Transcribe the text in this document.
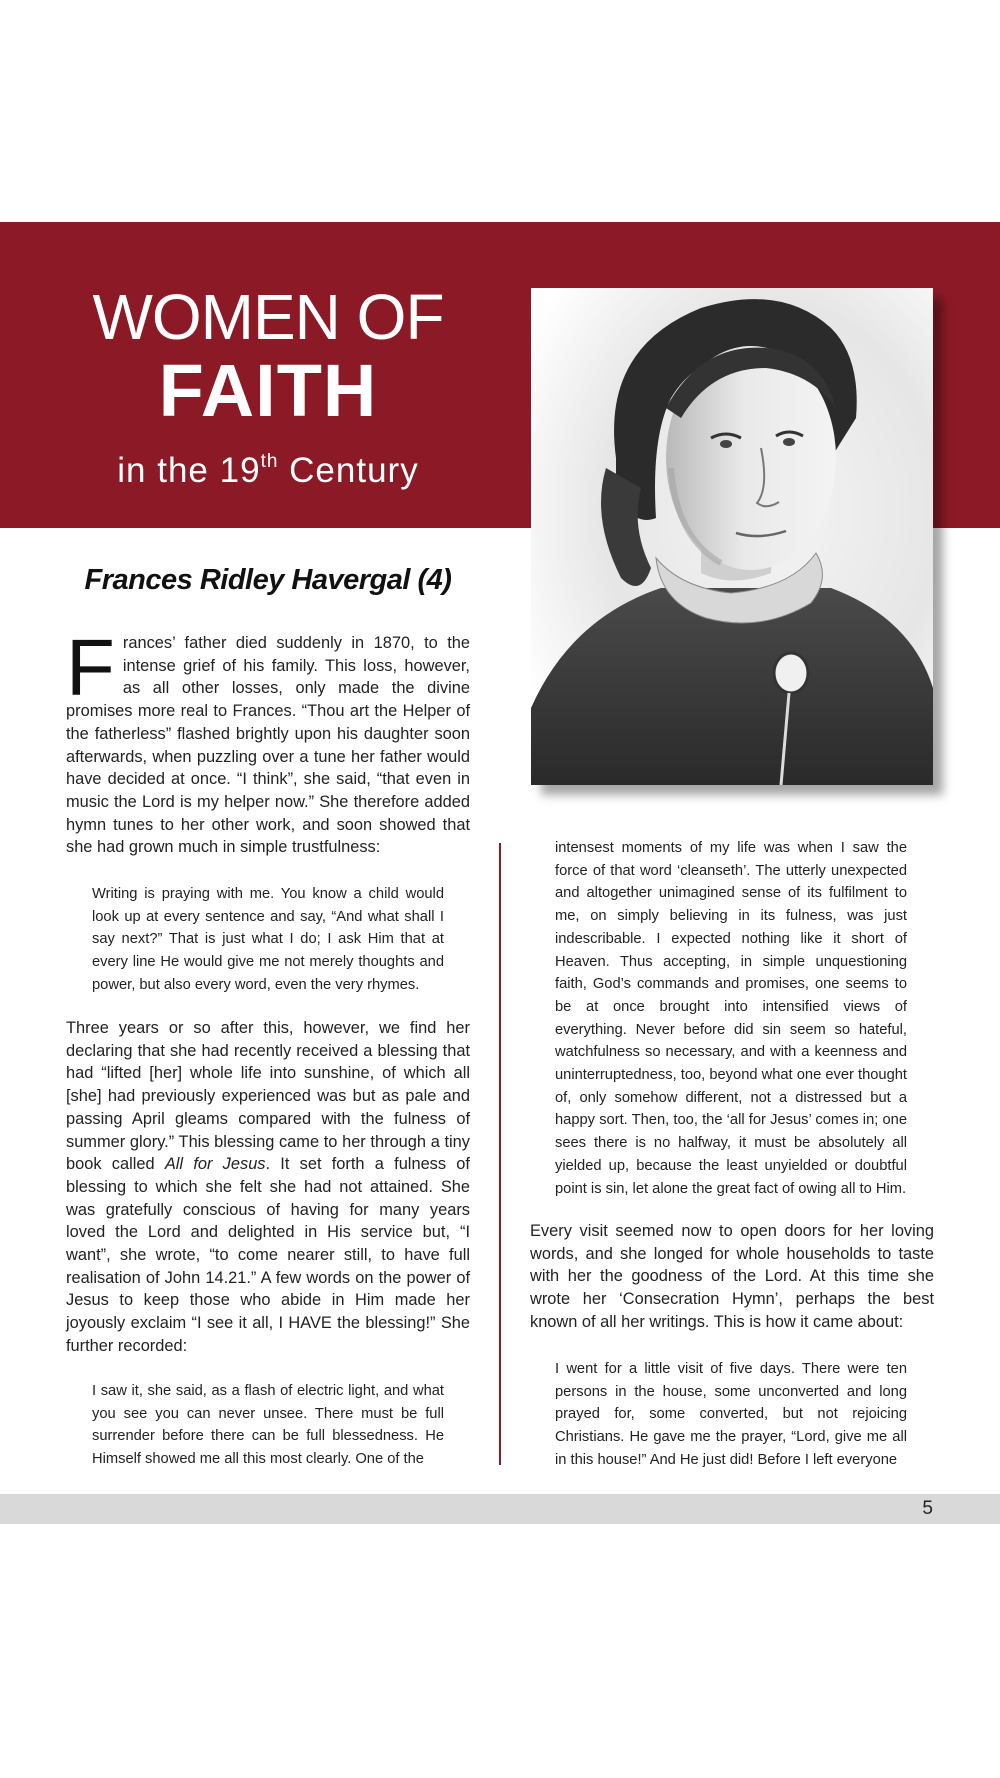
WOMEN OF
FAITH
in the 19th Century
Frances Ridley Havergal (4)
Frances’ father died suddenly in 1870, to the intense grief of his family. This loss, however, as all other losses, only made the divine promises more real to Frances. “Thou art the Helper of the fatherless” flashed brightly upon his daughter soon afterwards, when puzzling over a tune her father would have decided at once. “I think”, she said, “that even in music the Lord is my helper now.” She therefore added hymn tunes to her other work, and soon showed that she had grown much in simple trustfulness:

Writing is praying with me. You know a child would look up at every sentence and say, “And what shall I say next?” That is just what I do; I ask Him that at every line He would give me not merely thoughts and power, but also every word, even the very rhymes.

Three years or so after this, however, we find her declaring that she had recently received a blessing that had “lifted [her] whole life into sunshine, of which all [she] had previously experienced was but as pale and passing April gleams compared with the fulness of summer glory.” This blessing came to her through a tiny book called All for Jesus. It set forth a fulness of blessing to which she felt she had not attained. She was gratefully conscious of having for many years loved the Lord and delighted in His service but, “I want”, she wrote, “to come nearer still, to have full realisation of John 14.21.” A few words on the power of Jesus to keep those who abide in Him made her joyously exclaim “I see it all, I HAVE the blessing!” She further recorded:

I saw it, she said, as a flash of electric light, and what you see you can never unsee. There must be full surrender before there can be full blessedness. He Himself showed me all this most clearly. One of the

intensest moments of my life was when I saw the force of that word ‘cleanseth’. The utterly unexpected and altogether unimagined sense of its fulfilment to me, on simply believing in its fulness, was just indescribable. I expected nothing like it short of Heaven. Thus accepting, in simple unquestioning faith, God’s commands and promises, one seems to be at once brought into intensified views of everything. Never before did sin seem so hateful, watchfulness so necessary, and with a keenness and uninterruptedness, too, beyond what one ever thought of, only somehow different, not a distressed but a happy sort. Then, too, the ‘all for Jesus’ comes in; one sees there is no halfway, it must be absolutely all yielded up, because the least unyielded or doubtful point is sin, let alone the great fact of owing all to Him.

Every visit seemed now to open doors for her loving words, and she longed for whole households to taste with her the goodness of the Lord. At this time she wrote her ‘Consecration Hymn’, perhaps the best known of all her writings. This is how it came about:

I went for a little visit of five days. There were ten persons in the house, some unconverted and long prayed for, some converted, but not rejoicing Christians. He gave me the prayer, “Lord, give me all in this house!” And He just did! Before I left everyone

5
